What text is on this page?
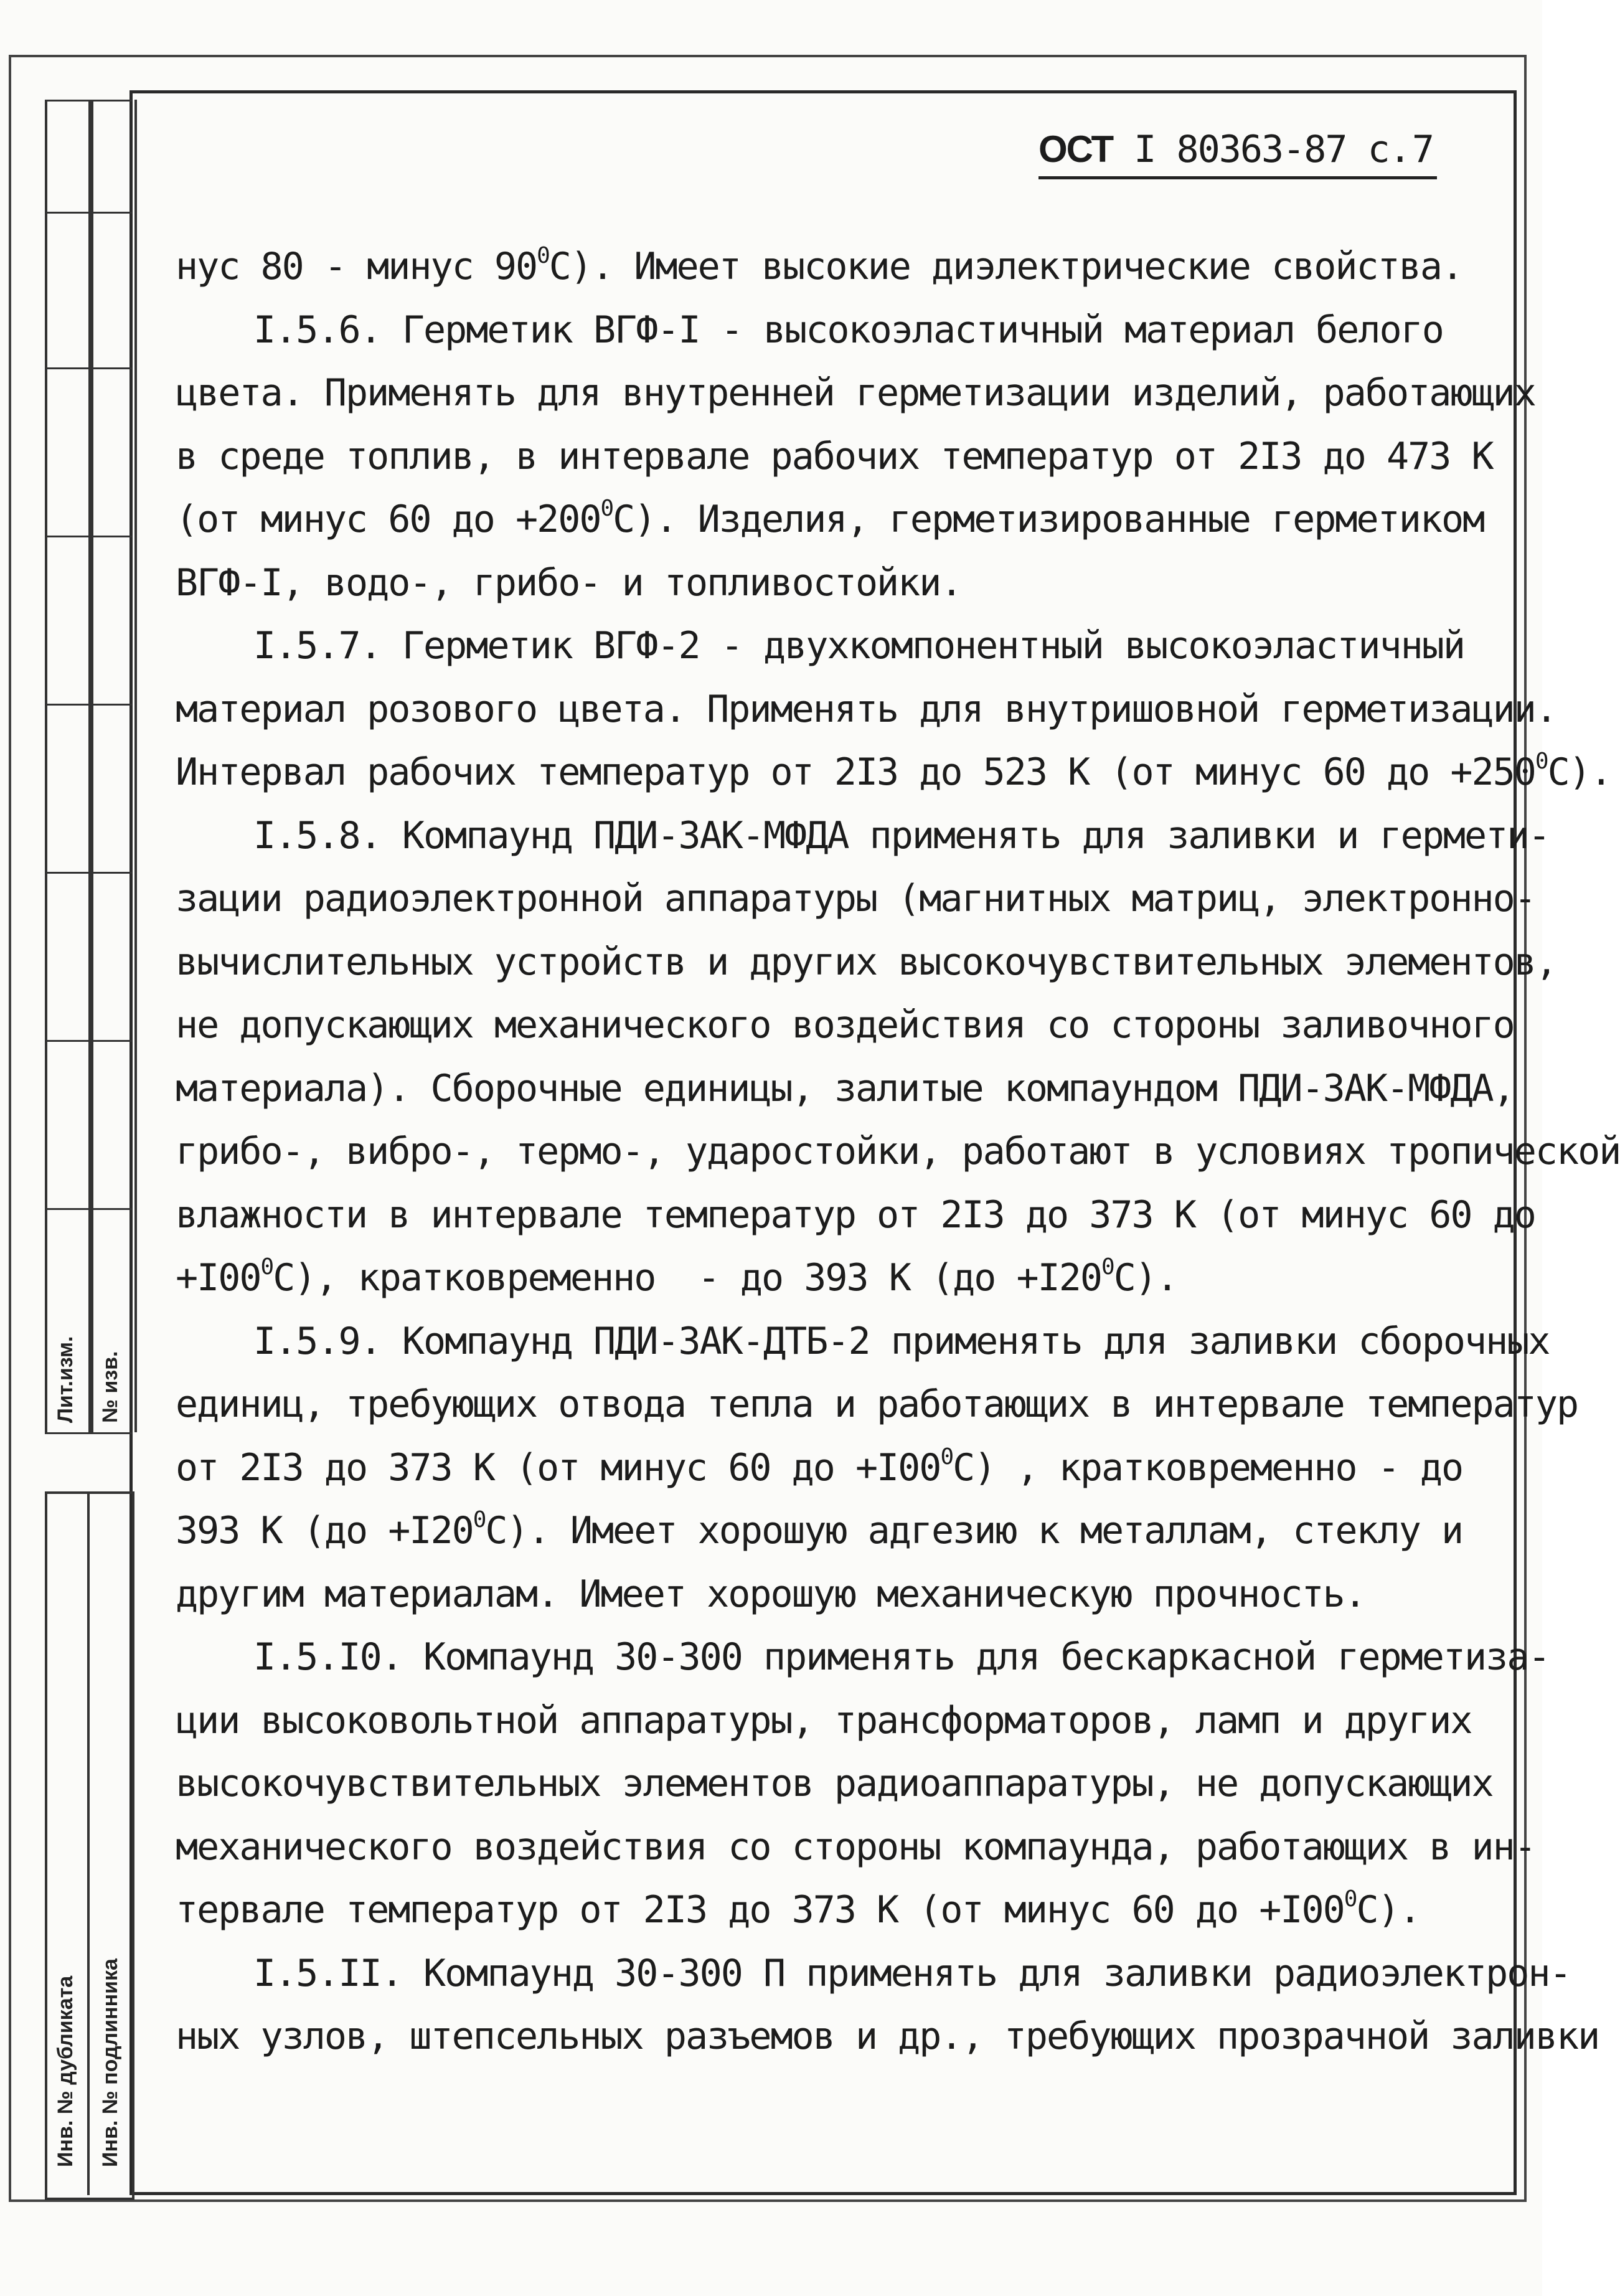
Лит.изм. № изв.
Инв. № дубликата Инв. № подлинника
ОСТ I 80363-87 с. 7
нус 80 - минус $90^0С$). Имеет высокие диэлектрические свойства.
I.5.6. Герметик ВГФ-I - высокоэластичный материал белого
цвета. Применять для внутренней герметизации изделий, работающих
в среде топлив, в интервале рабочих температур от 2I3 до 473 К
(от минус 60 до $+200^0С$). Изделия, герметизированные герметиком
ВГФ-I, водо-, грибо- и топливостойки.
I.5.7. Герметик ВГФ-2 - двухкомпонентный высокоэластичный
материал розового цвета. Применять для внутришовной герметизации.
Интервал рабочих температур от 2I3 до 523 К (от минус 60 до $+250^0С$).
I.5.8. Компаунд ПДИ-ЗАК-МФДА применять для заливки и гермети-
зации радиоэлектронной аппаратуры (магнитных матриц, электронно-
вычислительных устройств и других высокочувствительных элементов,
не допускающих механического воздействия со стороны заливочного
материала). Сборочные единицы, залитые компаундом ПДИ-ЗАК-МФДА,
грибо-, вибро-, термо-, ударостойки, работают в условиях тропической
влажности в интервале температур от 2I3 до 373 К (от минус 60 до
$+I00^0С$), кратковременно  - до 393 К $(до +I20^0С)$.
I.5.9. Компаунд ПДИ-ЗАК-ДТБ-2 применять для заливки сборочных
единиц, требующих отвода тепла и работающих в интервале температур
от 2I3 до 373 К (от минус 60 до $+I00^0С$) , кратковременно - до
393 К $(до +I20^0С)$. Имеет хорошую адгезию к металлам, стеклу и
другим материалам. Имеет хорошую механическую прочность.
I.5.I0. Компаунд 30-300 применять для бескаркасной герметиза-
ции высоковольтной аппаратуры, трансформаторов, ламп и других
высокочувствительных элементов радиоаппаратуры, не допускающих
механического воздействия со стороны компаунда, работающих в ин-
тервале температур от 2I3 до 373 К (от минус 60 до $+I00^0С$).
I.5.II. Компаунд 30-300 П применять для заливки радиоэлектрон-
ных узлов, штепсельных разъемов и др., требующих прозрачной заливки
